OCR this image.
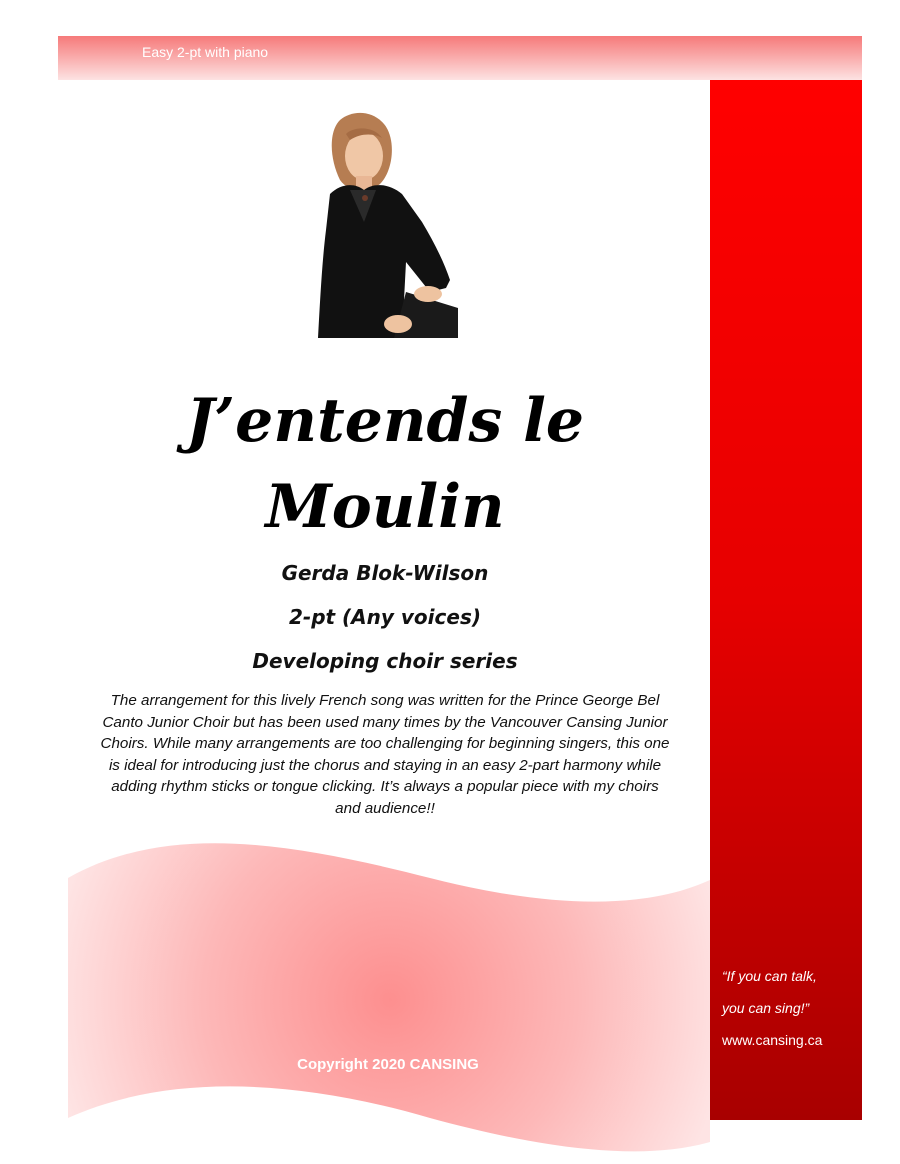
Easy 2-pt with piano
J’entends le
Moulin
Gerda Blok-Wilson
2-pt (Any voices)
Developing choir series

The arrangement for this lively French song was written for the Prince George Bel Canto Junior Choir but has been used many times by the Vancouver Cansing Junior Choirs. While many arrangements are too challenging for beginning singers, this one is ideal for introducing just the chorus and staying in an easy 2-part harmony while adding rhythm sticks or tongue clicking. It’s always a popular piece with my choirs and audience!!

Copyright 2020 CANSING
“If you can talk,
you can sing!”
www.cansing.ca
